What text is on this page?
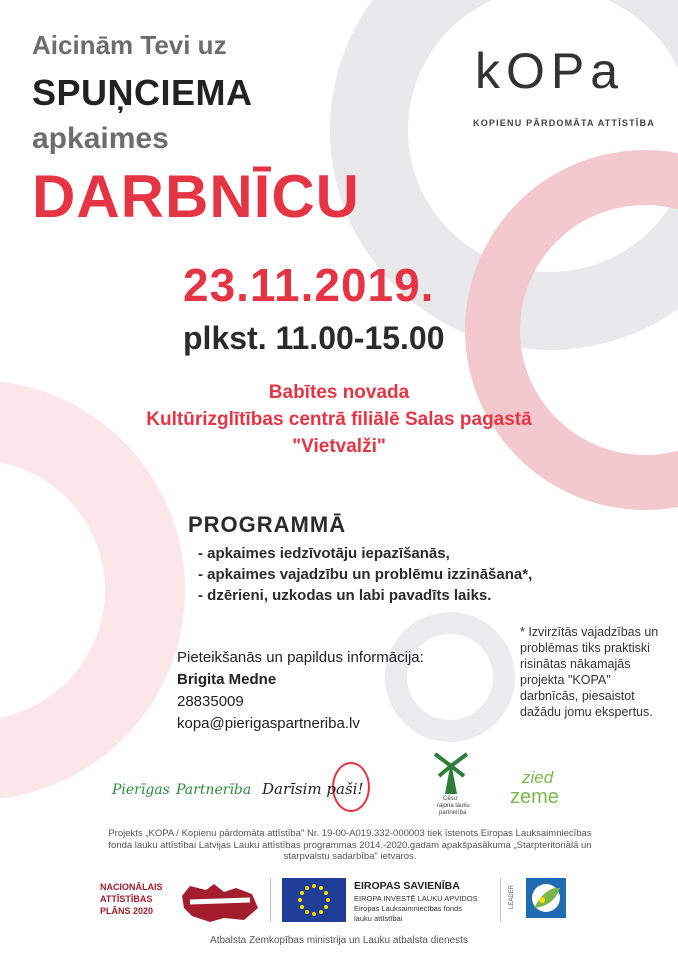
Aicinām Tevi uz
SPUŅCIEMA
apkaimes
DARBNĪCU
kOPa
KOPIENU PĀRDOMĀTA ATTĪSTĪBA
23.11.2019.
plkst. 11.00-15.00
Babītes novada
Kultūrizglītības centrā filiālē Salas pagastā
"Vietvalži"
PROGRAMMĀ
- apkaimes iedzīvotāju iepazīšanās,
- apkaimes vajadzību un problēmu izzināšana*,
- dzērieni, uzkodas un labi pavadīts laiks.
Pieteikšanās un papildus informācija:
Brigita Medne
28835009
kopa@pierigaspartneriba.lv
* Izvirzītās vajadzības un problēmas tiks praktiski risinātas nākamajās projekta "KOPA" darbnīcās, piesaistot dažādu jomu ekspertus.
Pierīgas Partnerība Darīsim paši!
Cēsu
rajona lauku
partnerība
zied
zeme
Projekts „KOPA / Kopienu pārdomāta attīstība" Nr. 19-00-A019.332-000003 tiek īstenots Eiropas Lauksaimniecības fonda lauku attīstībai Latvijas Lauku attīstības programmas 2014.-2020.gadam apakšpasākuma „Starpteritoriālā un starpvalstu sadarbība" ietvaros.
NACIONĀLAIS
ATTĪSTĪBAS
PLĀNS 2020
EIROPAS SAVIENĪBA
EIROPA INVESTĒ LAUKU APVIDOS
Eiropas Lauksaimniecības fonds
lauku attīstībai
LEADER
Atbalsta Zemkopības ministrija un Lauku atbalsta dienests
